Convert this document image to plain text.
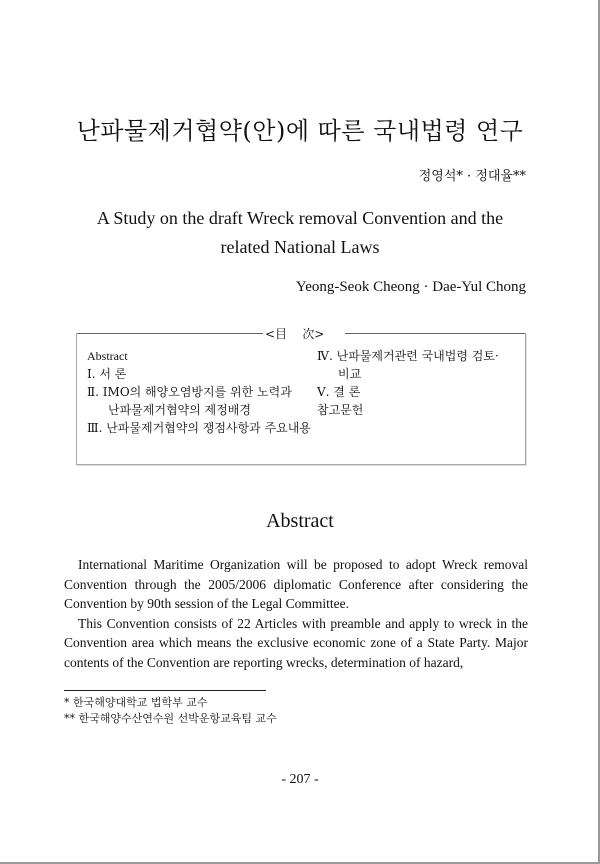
난파물제거협약(안)에 따른 국내법령 연구
정영석* · 정대율**
A Study on the draft Wreck removal Convention and the
related National Laws
Yeong-Seok Cheong · Dae-Yul Chong
<目    次>
Abstract
Ⅰ. 서 론
Ⅱ. IMO의 해양오염방지를 위한 노력과
난파물제거협약의 제정배경
Ⅲ. 난파물제거협약의 쟁점사항과 주요내용
Ⅳ. 난파물제거관련 국내법령 검토·
비교
Ⅴ. 결 론
참고문헌
Abstract

International Maritime Organization will be proposed to adopt Wreck removal Convention through the 2005/2006 diplomatic Conference after considering the Convention by 90th session of the Legal Committee.

This Convention consists of 22 Articles with preamble and apply to wreck in the Convention area which means the exclusive economic zone of a State Party. Major contents of the Convention are reporting wrecks, determination of hazard,

* 한국해양대학교 법학부 교수
** 한국해양수산연수원 선박운항교육팀 교수
- 207 -
